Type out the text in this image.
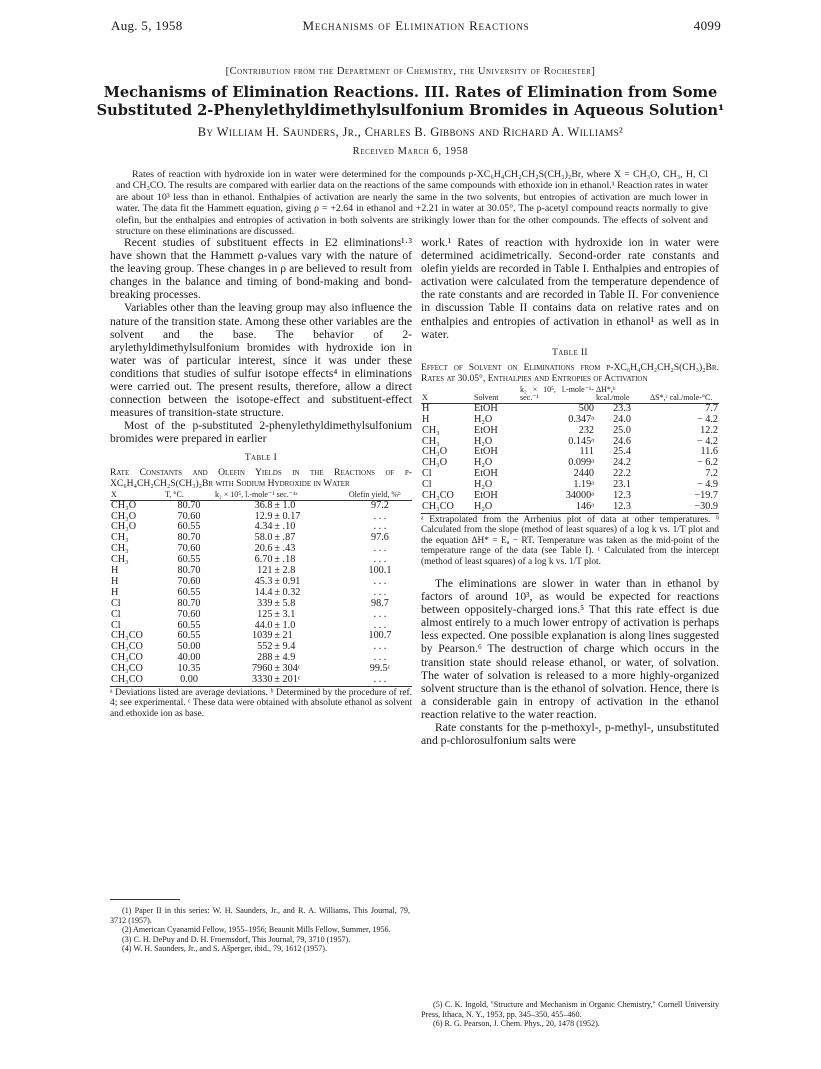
Aug. 5, 1958	Mechanisms of Elimination Reactions	4099
[Contribution from the Department of Chemistry, the University of Rochester]
Mechanisms of Elimination Reactions. III. Rates of Elimination from Some Substituted 2-Phenylethyldimethylsulfonium Bromides in Aqueous Solution¹
By William H. Saunders, Jr., Charles B. Gibbons and Richard A. Williams²
Received March 6, 1958
Rates of reaction with hydroxide ion in water were determined for the compounds p-XC₆H₄CH₂CH₂S(CH₃)₂Br, where X = CH₃O, CH₃, H, Cl and CH₃CO. The results are compared with earlier data on the reactions of the same compounds with ethoxide ion in ethanol.¹ Reaction rates in water are about 10³ less than in ethanol. Enthalpies of activation are nearly the same in the two solvents, but entropies of activation are much lower in water. The data fit the Hammett equation, giving ρ = +2.64 in ethanol and +2.21 in water at 30.05°. The p-acetyl compound reacts normally to give olefin, but the enthalpies and entropies of activation in both solvents are strikingly lower than for the other compounds. The effects of solvent and structure on these eliminations are discussed.

Recent studies of substituent effects in E2 eliminations¹·³ have shown that the Hammett ρ-values vary with the nature of the leaving group. These changes in ρ are believed to result from changes in the balance and timing of bond-making and bond-breaking processes.

Variables other than the leaving group may also influence the nature of the transition state. Among these other variables are the solvent and the base. The behavior of 2-arylethyldimethylsulfonium bromides with hydroxide ion in water was of particular interest, since it was under these conditions that studies of sulfur isotope effects⁴ in eliminations were carried out. The present results, therefore, allow a direct connection between the isotope-effect and substituent-effect measures of transition-state structure.

Most of the p-substituted 2-phenylethyldimethylsulfonium bromides were prepared in earlier

Table I
Rate Constants and Olefin Yields in the Reactions of p-XC₆H₄CH₂CH₂S(CH₃)₂Br with Sodium Hydroxide in Water
X	T, °C.	k₂ × 10⁵, l.-mole⁻¹ sec.⁻¹ᵃ		Olefin yield, %ᵇ
CH₃O	80.70	36.8	± 1.0	97.2
CH₃O	70.60	12.9	± 0.17	. . .
CH₃O	60.55	4.34	± .10	. . .
CH₃	80.70	58.0	± .87	97.6
CH₃	70.60	20.6	± .43	. . .
CH₃	60.55	6.70	± .18	. . .
H	80.70	121	± 2.8	100.1
H	70.60	45.3	± 0.91	. . .
H	60.55	14.4	± 0.32	. . .
Cl	80.70	339	± 5.8	98.7
Cl	70.60	125	± 3.1	. . .
Cl	60.55	44.0	± 1.0	. . .
CH₃CO	60.55	1039	± 21	100.7
CH₃CO	50.00	552	± 9.4	. . .
CH₃CO	40.00	288	± 4.9	. . .
CH₃CO	10.35	7960	± 304ᶜ	99.5ᶜ
CH₃CO	0.00	3330	± 201ᶜ	. . .
ᵃ Deviations listed are average deviations. ᵇ Determined by the procedure of ref. 4; see experimental. ᶜ These data were obtained with absolute ethanol as solvent and ethoxide ion as base.

work.¹ Rates of reaction with hydroxide ion in water were determined acidimetrically. Second-order rate constants and olefin yields are recorded in Table I. Enthalpies and entropies of activation were calculated from the temperature dependence of the rate constants and are recorded in Table II. For convenience in discussion Table II contains data on relative rates and on enthalpies and entropies of activation in ethanol¹ as well as in water.

Table II
Effect of Solvent on Eliminations from p-XC₆H₄CH₂CH₂S(CH₃)₂Br. Rates at 30.05°, Enthalpies and Entropies of Activation
X	Solvent	k₂ × 10⁵, l.-mole⁻¹-sec.⁻¹	ΔH*,ᵇ kcal./mole	ΔS*,ᶜ cal./mole-°C.
H	EtOH	500	23.3	7.7
H	H₂O	0.347ᵃ	24.0	− 4.2
CH₃	EtOH	232	25.0	12.2
CH₃	H₂O	0.145ᵃ	24.6	− 4.2
CH₃O	EtOH	111	25.4	11.6
CH₃O	H₂O	0.099ᵃ	24.2	− 6.2
Cl	EtOH	2440	22.2	7.2
Cl	H₂O	1.19ᵃ	23.1	− 4.9
CH₃CO	EtOH	34000ᵃ	12.3	−19.7
CH₃CO	H₂O	146ᵃ	12.3	−30.9
ᵃ Extrapolated from the Arrhenius plot of data at other temperatures. ᵇ Calculated from the slope (method of least squares) of a log k vs. 1/T plot and the equation ΔH* = Eₐ − RT. Temperature was taken as the mid-point of the temperature range of the data (see Table I). ᶜ Calculated from the intercept (method of least squares) of a log k vs. 1/T plot.

The eliminations are slower in water than in ethanol by factors of around 10³, as would be expected for reactions between oppositely-charged ions.⁵ That this rate effect is due almost entirely to a much lower entropy of activation is perhaps less expected. One possible explanation is along lines suggested by Pearson.⁶ The destruction of charge which occurs in the transition state should release ethanol, or water, of solvation. The water of solvation is released to a more highly-organized solvent structure than is the ethanol of solvation. Hence, there is a considerable gain in entropy of activation in the ethanol reaction relative to the water reaction.

Rate constants for the p-methoxyl-, p-methyl-, unsubstituted and p-chlorosulfonium salts were

(1) Paper II in this series: W. H. Saunders, Jr., and R. A. Williams, This Journal, 79, 3712 (1957).
(2) American Cyanamid Fellow, 1955–1956; Beaunit Mills Fellow, Summer, 1956.
(3) C. H. DePuy and D. H. Froemsdorf, This Journal, 79, 3710 (1957).
(4) W. H. Saunders, Jr., and S. Ašperger, ibid., 79, 1612 (1957).
(5) C. K. Ingold, "Structure and Mechanism in Organic Chemistry," Cornell University Press, Ithaca, N. Y., 1953, pp. 345–350, 455–460.
(6) R. G. Pearson, J. Chem. Phys., 20, 1478 (1952).
